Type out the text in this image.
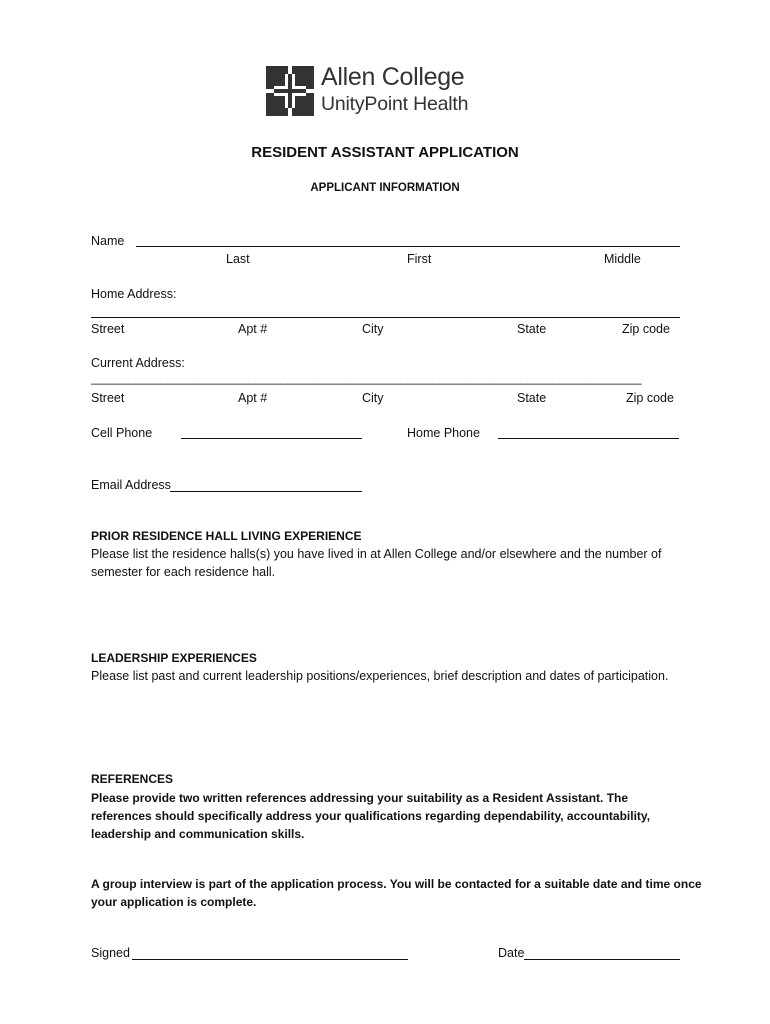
Allen College
UnityPoint Health
RESIDENT ASSISTANT APPLICATION
APPLICANT INFORMATION
Name
Last	First	Middle
Home Address:
Street	Apt #	City	State	Zip code
Current Address:
_______________________________________________________________________________________
Street	Apt #	City	State	Zip code
Cell Phone	Home Phone
Email Address
PRIOR RESIDENCE HALL LIVING EXPERIENCE
Please list the residence halls(s) you have lived in at Allen College and/or elsewhere and the number of
semester for each residence hall.
LEADERSHIP EXPERIENCES
Please list past and current leadership positions/experiences, brief description and dates of participation.
REFERENCES
Please provide two written references addressing your suitability as a Resident Assistant. The
references should specifically address your qualifications regarding dependability, accountability,
leadership and communication skills.
A group interview is part of the application process. You will be contacted for a suitable date and time once
your application is complete.
Signed	Date
